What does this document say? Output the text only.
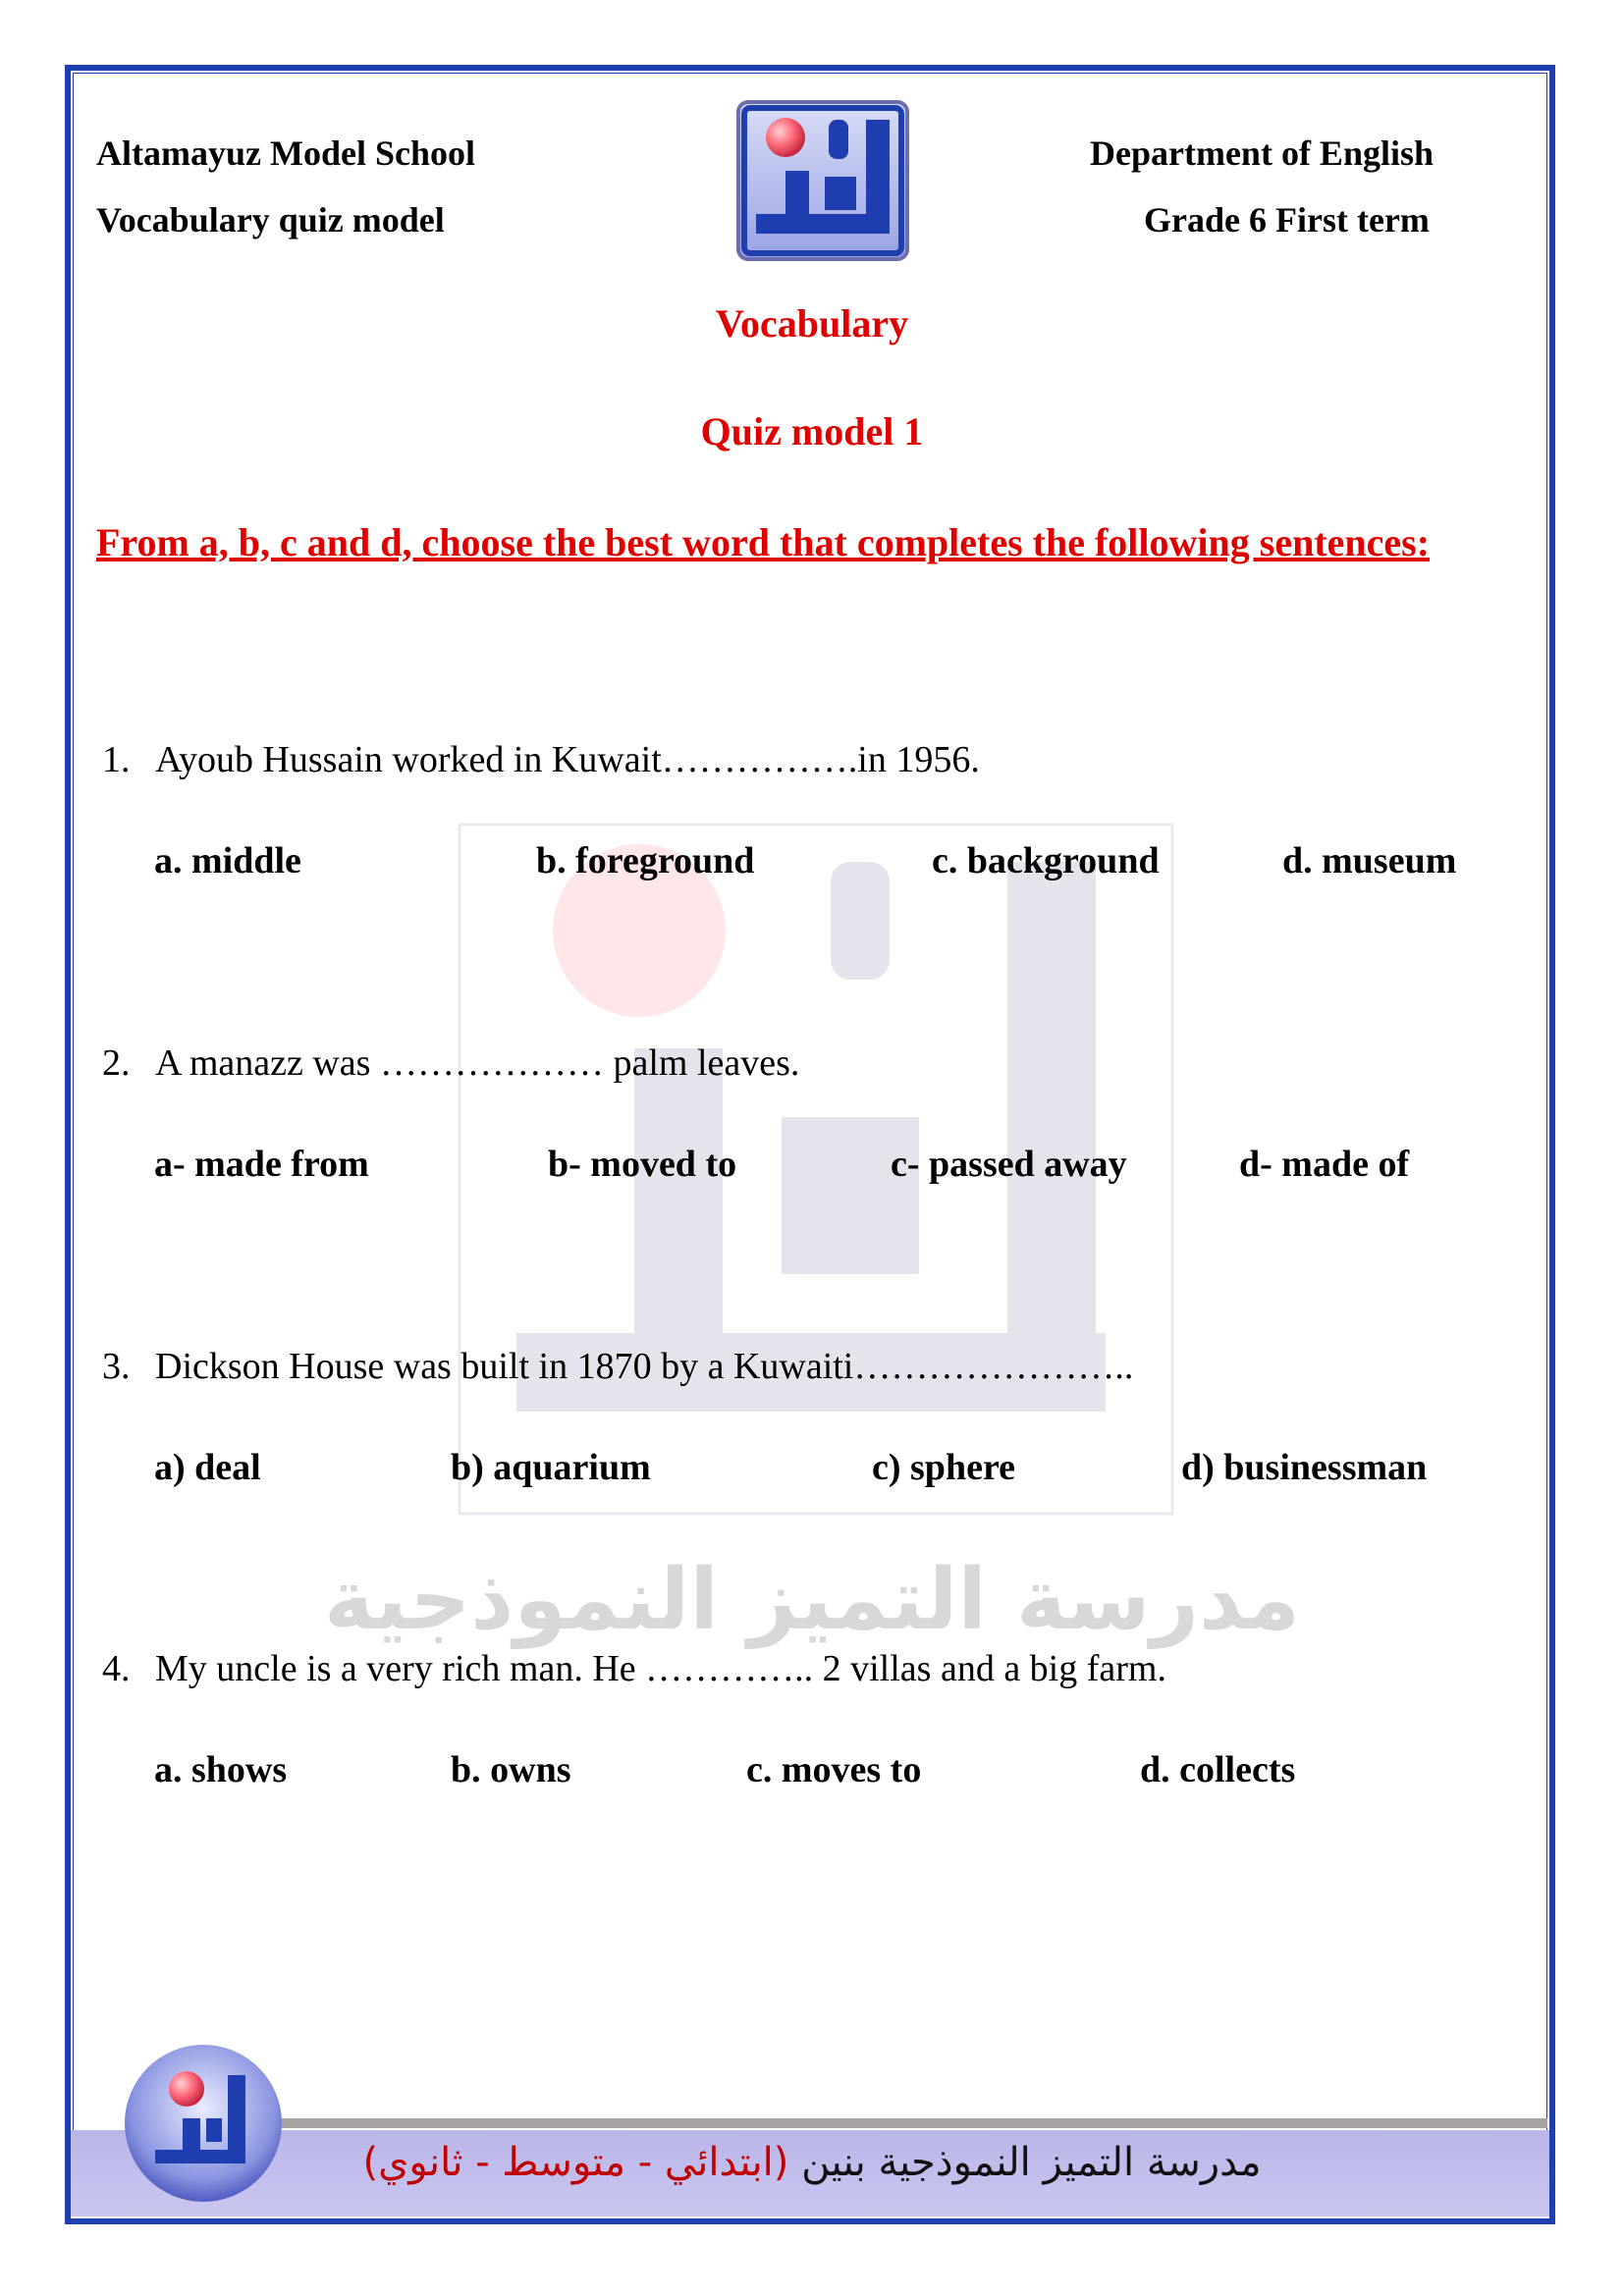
مدرسة التميز النموذجية
Altamayuz Model School
Vocabulary quiz model
Department of English
Grade 6 First term
Vocabulary
Quiz model 1
From a, b, c and d, choose the best word that completes the following sentences:
1. Ayoub Hussain worked in Kuwait…………….in 1956.
a. middle	b. foreground	c. background	d. museum
2. A manazz was ……………… palm leaves.
a- made from	b- moved to	c- passed away	d- made of
3. Dickson House was built in 1870 by a Kuwaiti…………………..
a) deal	b) aquarium	c) sphere	d) businessman
4. My uncle is a very rich man. He ………….. 2 villas and a big farm.
a. shows	b. owns	c. moves to	d. collects
مدرسة التميز النموذجية بنين (ابتدائي - متوسط - ثانوي)
